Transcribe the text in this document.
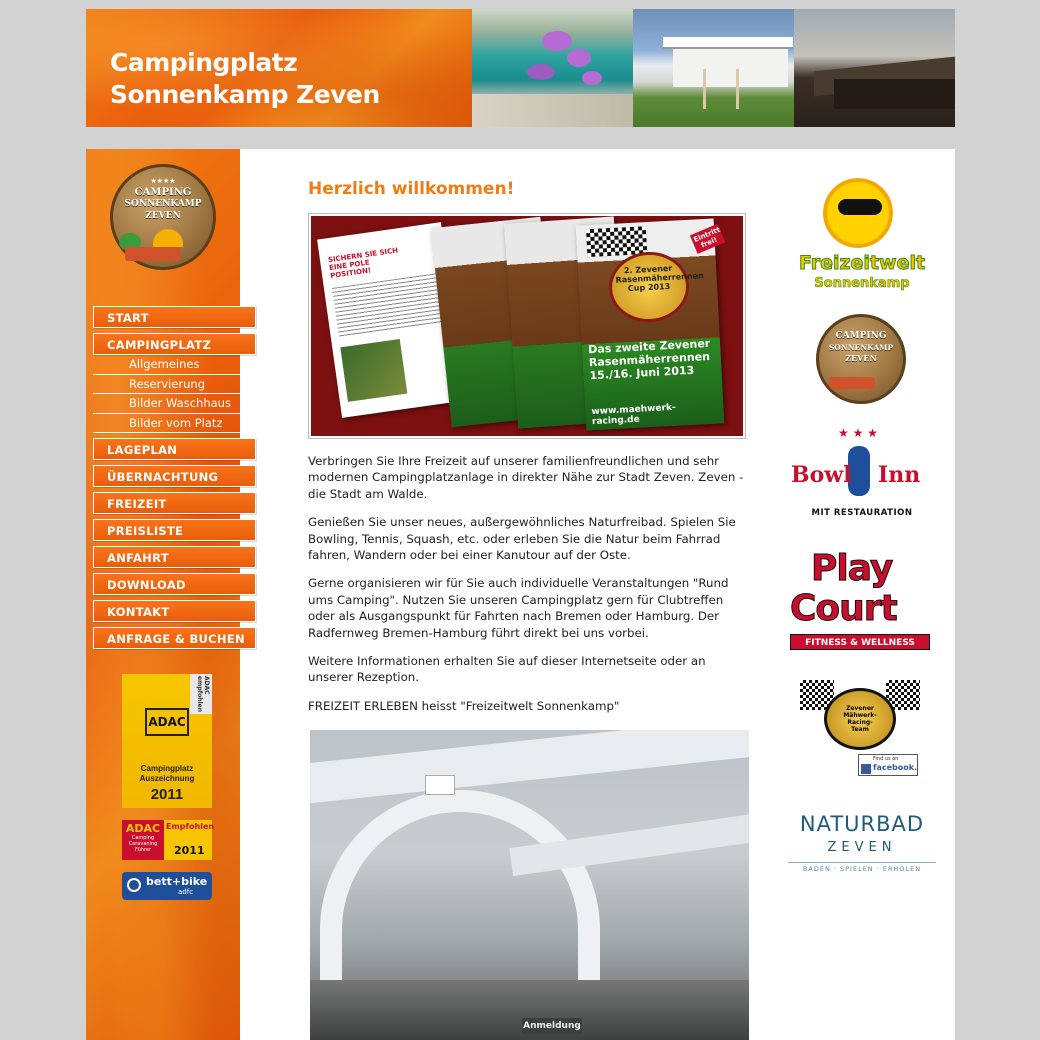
Campingplatz
Sonnenkamp Zeven
★★★★
CAMPING
SONNENKAMP
ZEVEN
START
CAMPINGPLATZ
Allgemeines
Reservierung
Bilder Waschhaus
Bilder vom Platz
LAGEPLAN
ÜBERNACHTUNG
FREIZEIT
PREISLISTE
ANFAHRT
DOWNLOAD
KONTAKT
ANFRAGE & BUCHEN
ADAC empfohlen
ADAC
Campingplatz
Auszeichnung
2011
ADAC
Camping Caravaning Führer
Empfohlen
2011
bett+bike
adfc
Herzlich willkommen!
SICHERN SIE SICH EINE POLE POSITION!	2. Zevener Rasenmäherrennen Cup 2013
Eintritt frei!
Das zweite Zevener Rasenmäherrennen 15./16. Juni 2013
www.maehwerk-racing.de

Verbringen Sie Ihre Freizeit auf unserer familienfreundlichen und sehr modernen Campingplatzanlage in direkter Nähe zur Stadt Zeven. Zeven - die Stadt am Walde.

Genießen Sie unser neues, außergewöhnliches Naturfreibad. Spielen Sie Bowling, Tennis, Squash, etc. oder erleben Sie die Natur beim Fahrrad fahren, Wandern oder bei einer Kanutour auf der Oste.

Gerne organisieren wir für Sie auch individuelle Veranstaltungen "Rund ums Camping". Nutzen Sie unseren Campingplatz gern für Clubtreffen oder als Ausgangspunkt für Fahrten nach Bremen oder Hamburg. Der Radfernweg Bremen-Hamburg führt direkt bei uns vorbei.

Weitere Informationen erhalten Sie auf dieser Internetseite oder an unserer Rezeption.

FREIZEIT ERLEBEN heisst "Freizeitwelt Sonnenkamp"

Anmeldung
Freizeitwelt
Sonnenkamp
CAMPING
SONNENKAMP
ZEVEN
★ ★ ★
Bowl Inn
MIT RESTAURATION
Play
Court
FITNESS & WELLNESS
Zevener
Mähwerk-
Racing-
Team
Find us on
facebook.
NATURBAD
ZEVEN
BADEN · SPIELEN · ERHOLEN
